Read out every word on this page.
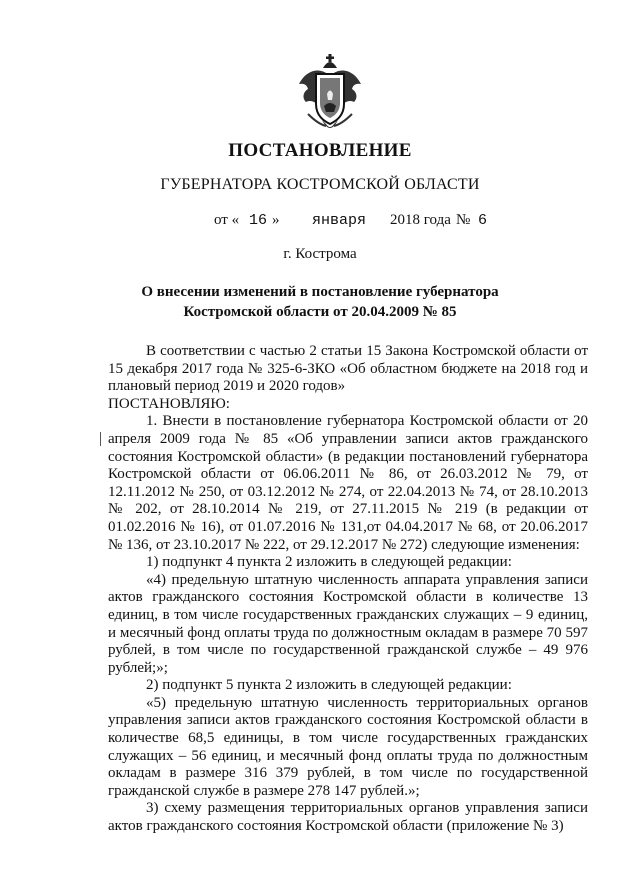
ПОСТАНОВЛЕНИЕ
ГУБЕРНАТОРА КОСТРОМСКОЙ ОБЛАСТИ
от « 16 » января 2018 года № 6
г. Кострома
О внесении изменений в постановление губернатора
Костромской области от 20.04.2009 № 85

В соответствии с частью 2 статьи 15 Закона Костромской области от 15 декабря 2017 года № 325-6-ЗКО «Об областном бюджете на 2018 год и плановый период 2019 и 2020 годов»

ПОСТАНОВЛЯЮ:

1. Внести в постановление губернатора Костромской области от 20 апреля 2009 года № 85 «Об управлении записи актов гражданского состояния Костромской области» (в редакции постановлений губернатора Костромской области от 06.06.2011 № 86, от 26.03.2012 № 79, от 12.11.2012 № 250, от 03.12.2012 № 274, от 22.04.2013 № 74, от 28.10.2013 № 202, от 28.10.2014 № 219, от 27.11.2015 № 219 (в редакции от 01.02.2016 № 16), от 01.07.2016 № 131,от 04.04.2017 № 68, от 20.06.2017 № 136, от 23.10.2017 № 222, от 29.12.2017 № 272) следующие изменения:

1) подпункт 4 пункта 2 изложить в следующей редакции:

«4) предельную штатную численность аппарата управления записи актов гражданского состояния Костромской области в количестве 13 единиц, в том числе государственных гражданских служащих – 9 единиц, и месячный фонд оплаты труда по должностным окладам в размере 70 597 рублей, в том числе по государственной гражданской службе – 49 976 рублей;»;

2) подпункт 5 пункта 2 изложить в следующей редакции:

«5) предельную штатную численность территориальных органов управления записи актов гражданского состояния Костромской области в количестве 68,5 единицы, в том числе государственных гражданских служащих – 56 единиц, и месячный фонд оплаты труда по должностным окладам в размере 316 379 рублей, в том числе по государственной гражданской службе в размере 278 147 рублей.»;

3) схему размещения территориальных органов управления записи актов гражданского состояния Костромской области (приложение № 3)
